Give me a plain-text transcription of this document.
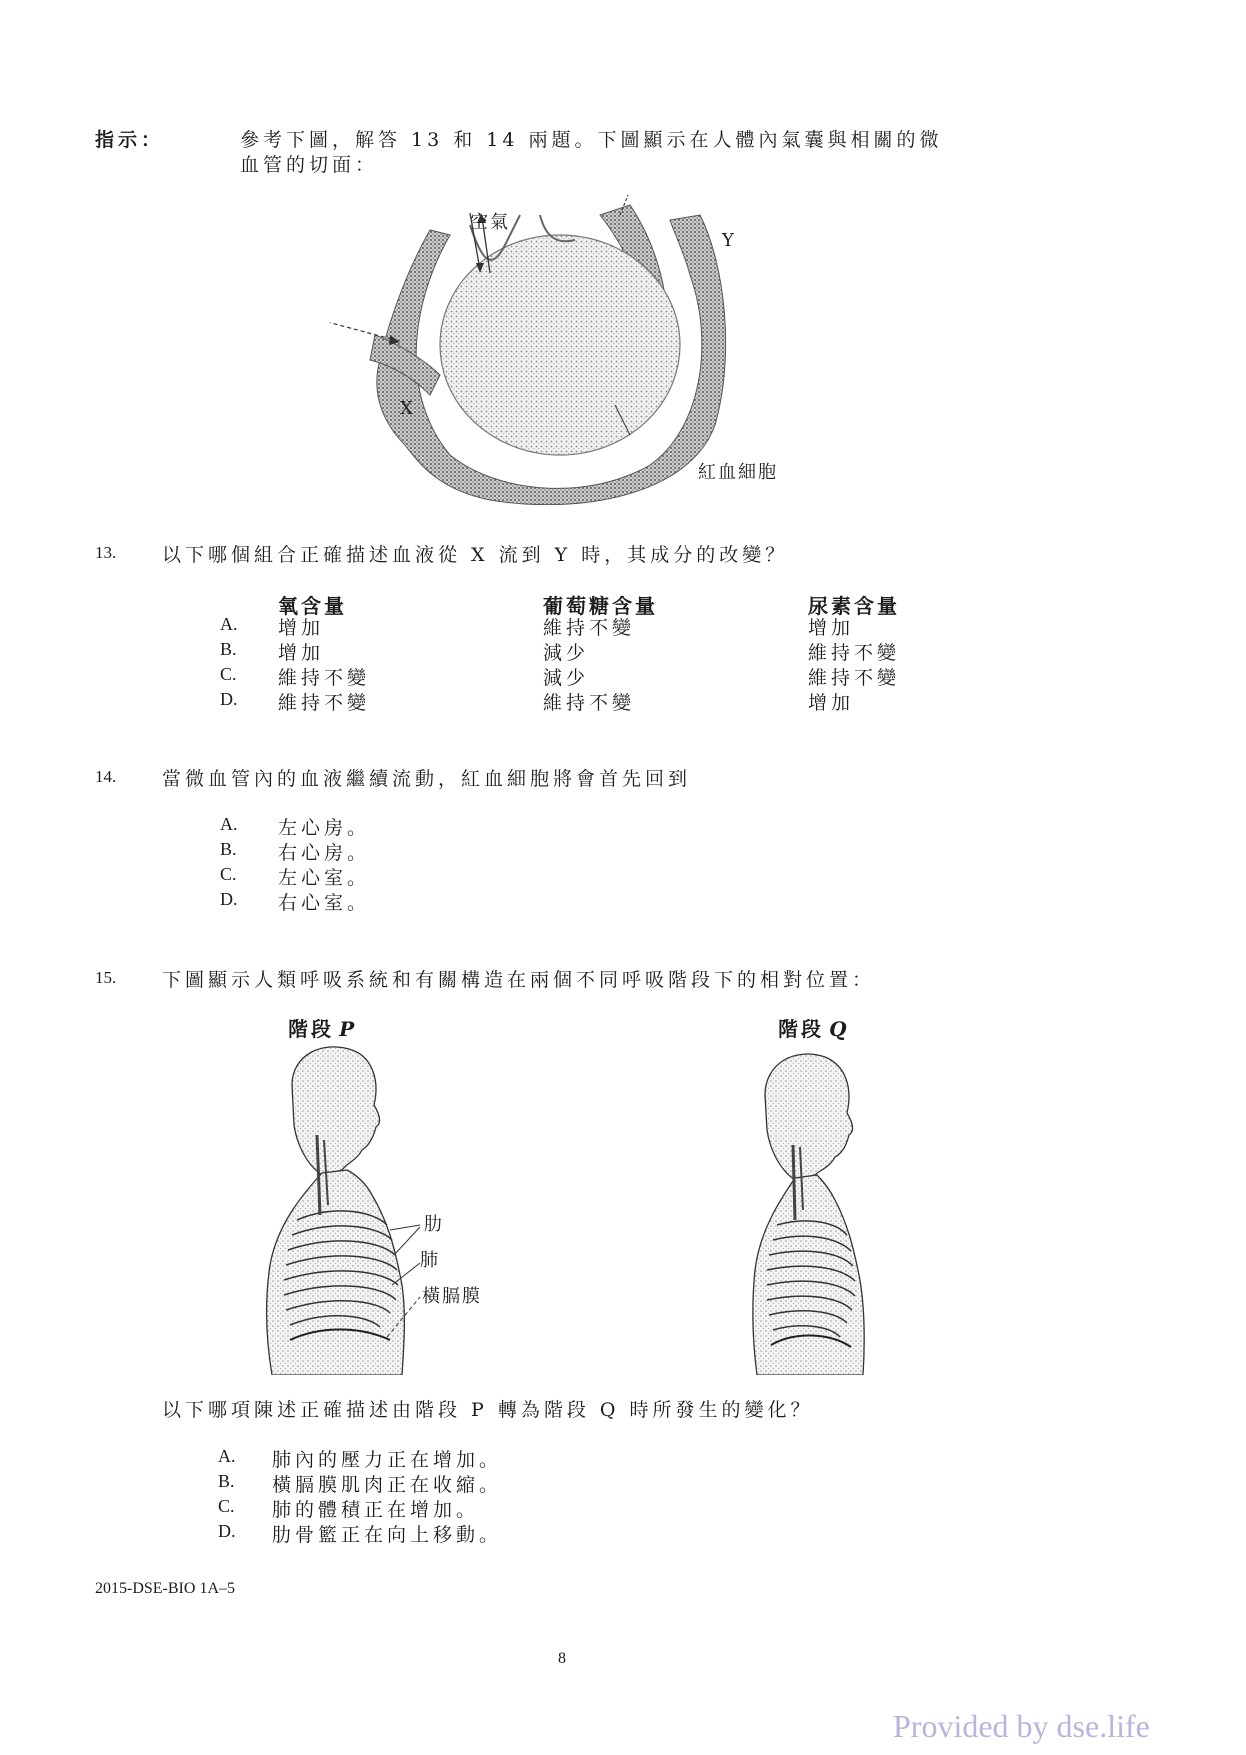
指示：	參考下圖，解答 13 和 14 兩題。下圖顯示在人體內氣囊與相關的微
血管的切面：
空氣
X
Y
紅血細胞
13. 以下哪個組合正確描述血液從 X 流到 Y 時，其成分的改變？
氧含量	葡萄糖含量	尿素含量
A. 增加	維持不變	增加
B. 增加	減少	維持不變
C. 維持不變	減少	維持不變
D. 維持不變	維持不變	增加
14. 當微血管內的血液繼續流動，紅血細胞將會首先回到
A. 左心房。
B. 右心房。
C. 左心室。
D. 右心室。
15. 下圖顯示人類呼吸系統和有關構造在兩個不同呼吸階段下的相對位置：
階段 P	階段 Q
肋
肺
橫膈膜
以下哪項陳述正確描述由階段 P 轉為階段 Q 時所發生的變化？
A. 肺內的壓力正在增加。
B. 橫膈膜肌肉正在收縮。
C. 肺的體積正在增加。
D. 肋骨籃正在向上移動。
2015-DSE-BIO 1A–5
8
Provided by dse.life
